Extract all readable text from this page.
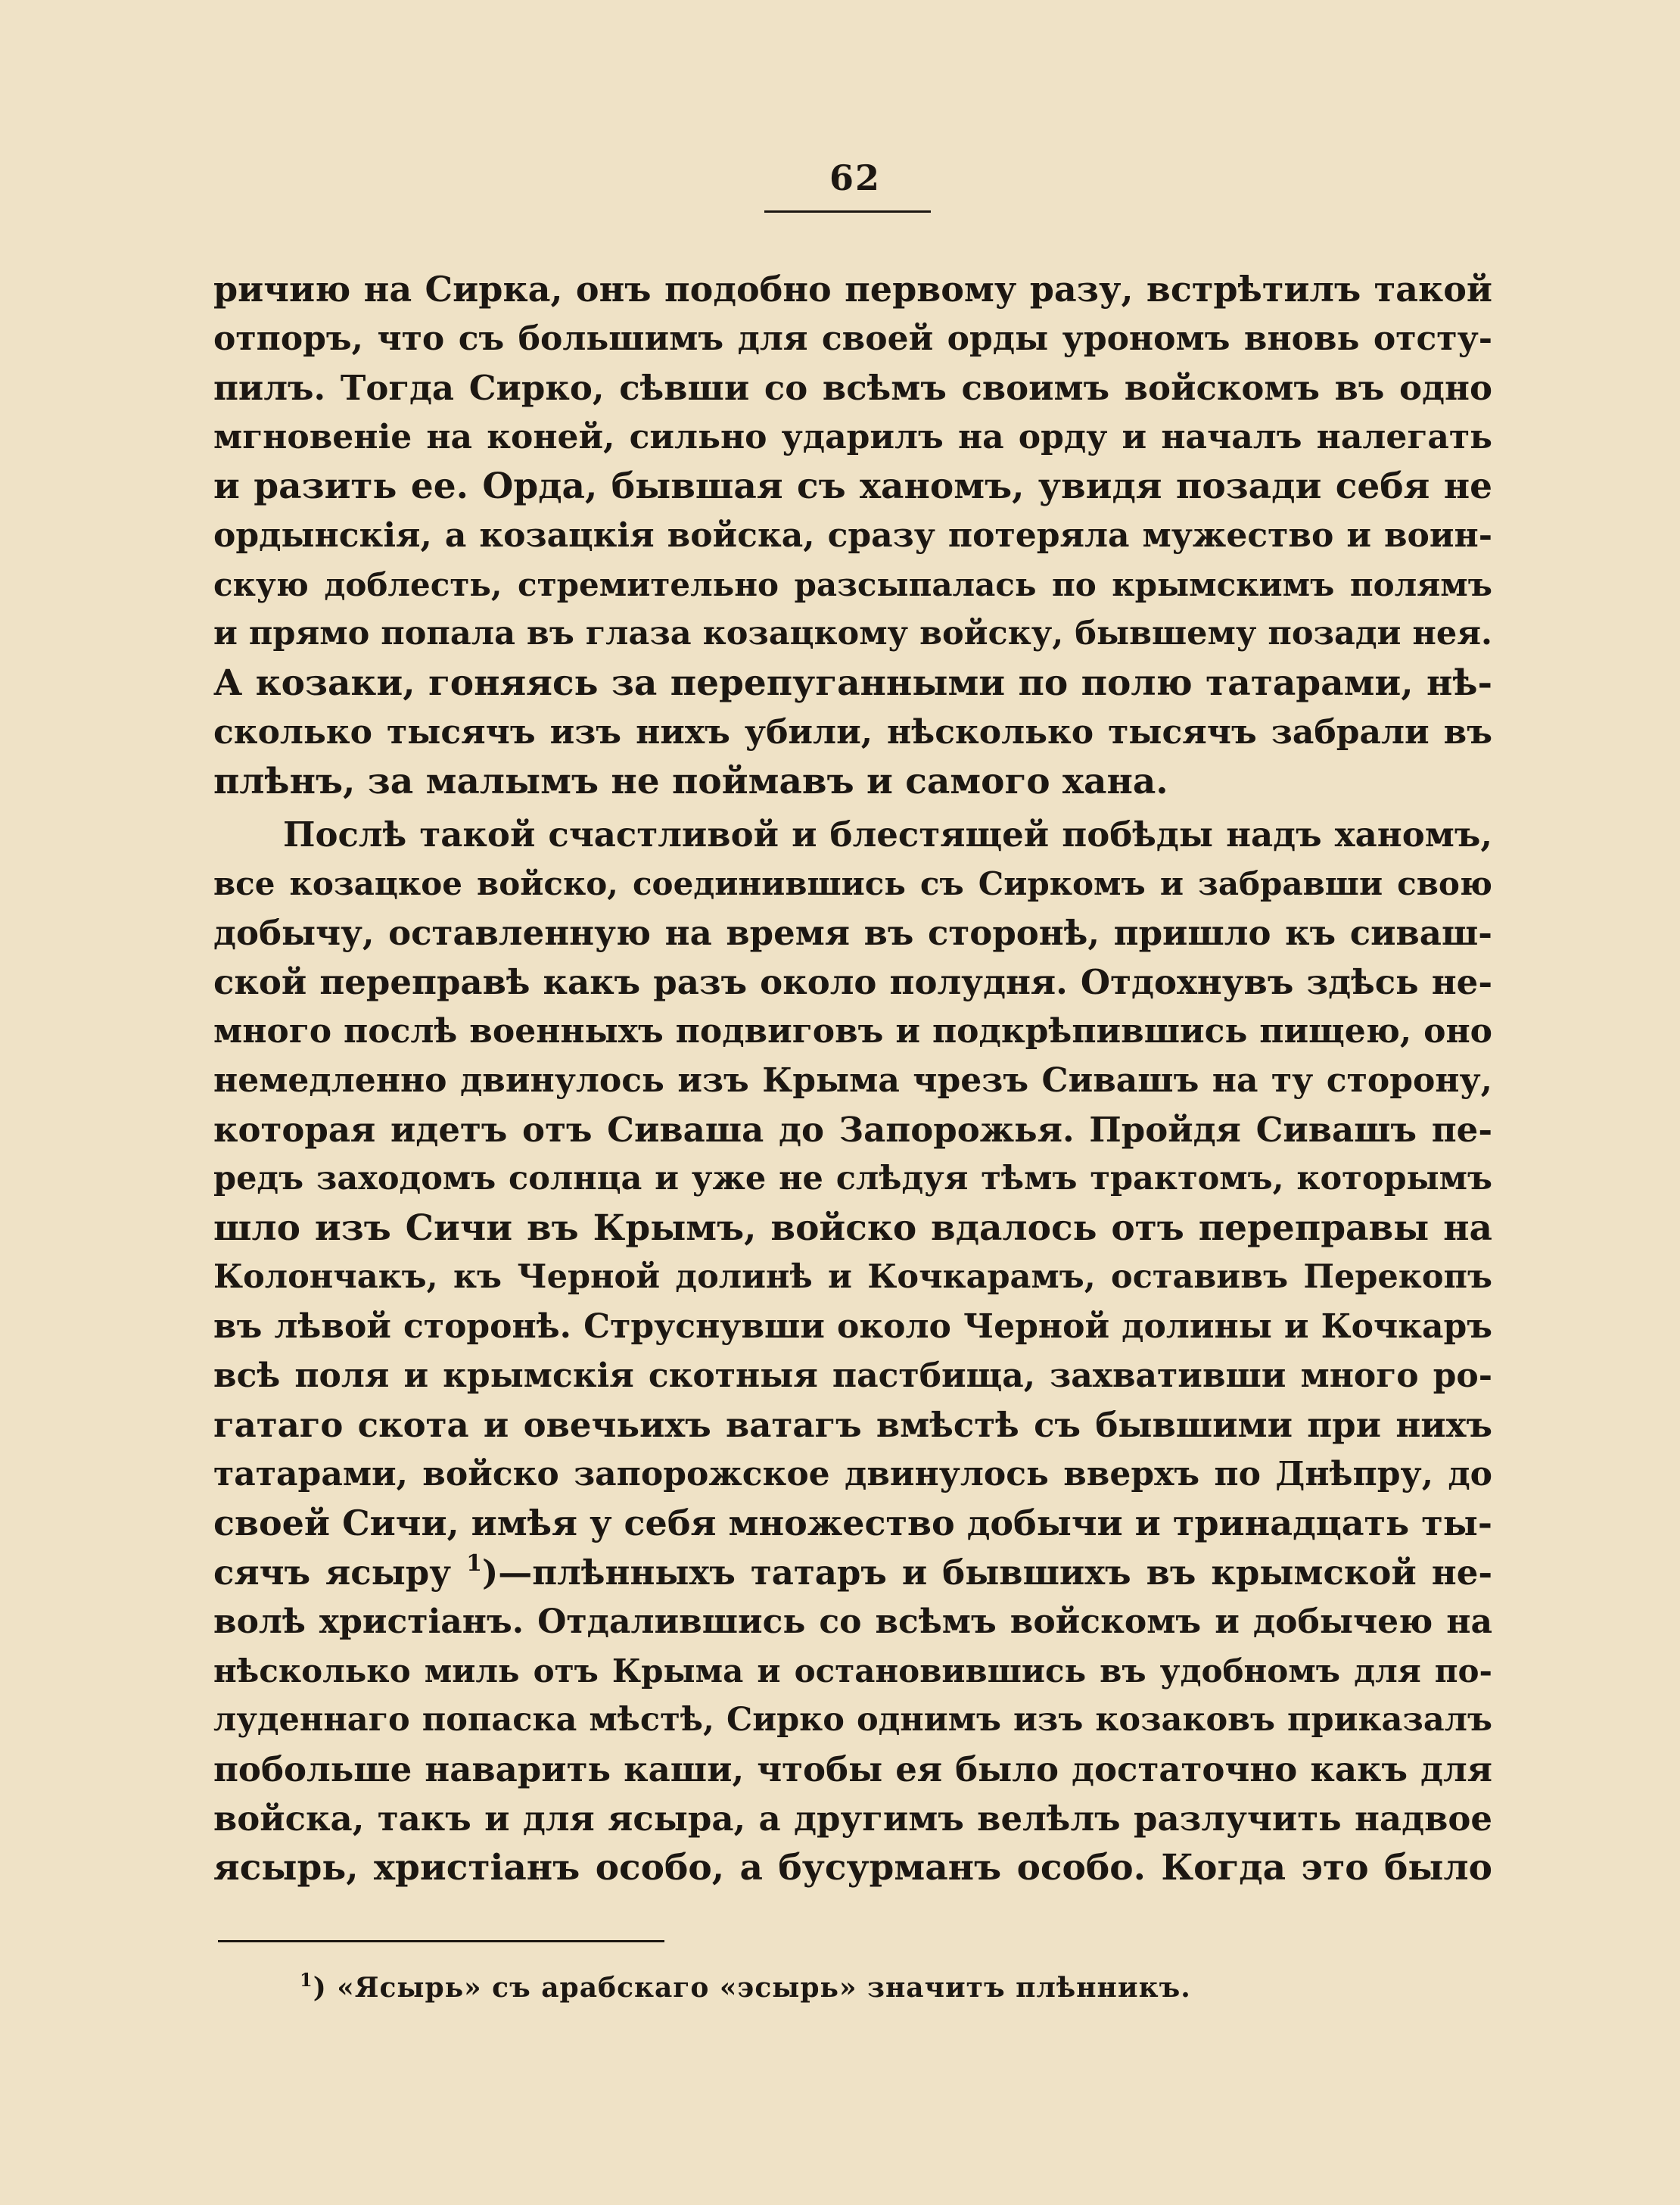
62
ричию на Сирка, онъ подобно первому разу, встрѣтилъ такой
отпоръ, что съ большимъ для своей орды урономъ вновь отсту-
пилъ. Тогда Сирко, сѣвши со всѣмъ своимъ войскомъ въ одно
мгновеніе на коней, сильно ударилъ на орду и началъ налегать
и разить ее. Орда, бывшая съ ханомъ, увидя позади себя не
ордынскія, а козацкія войска, сразу потеряла мужество и воин-
скую доблесть, стремительно разсыпалась по крымскимъ полямъ
и прямо попала въ глаза козацкому войску, бывшему позади нея.
А козаки, гоняясь за перепуганными по полю татарами, нѣ-
сколько тысячъ изъ нихъ убили, нѣсколько тысячъ забрали въ
плѣнъ, за малымъ не поймавъ и самого хана.
Послѣ такой счастливой и блестящей побѣды надъ ханомъ,
все козацкое войско, соединившись съ Сиркомъ и забравши свою
добычу, оставленную на время въ сторонѣ, пришло къ сиваш-
ской переправѣ какъ разъ около полудня. Отдохнувъ здѣсь не-
много послѣ военныхъ подвиговъ и подкрѣпившись пищею, оно
немедленно двинулось изъ Крыма чрезъ Сивашъ на ту сторону,
которая идетъ отъ Сиваша до Запорожья. Пройдя Сивашъ пе-
редъ заходомъ солнца и уже не слѣдуя тѣмъ трактомъ, которымъ
шло изъ Сичи въ Крымъ, войско вдалось отъ переправы на
Колончакъ, къ Черной долинѣ и Кочкарамъ, оставивъ Перекопъ
въ лѣвой сторонѣ. Струснувши около Черной долины и Кочкаръ
всѣ поля и крымскія скотныя пастбища, захвативши много ро-
гатаго скота и овечьихъ ватагъ вмѣстѣ съ бывшими при нихъ
татарами, войско запорожское двинулось вверхъ по Днѣпру, до
своей Сичи, имѣя у себя множество добычи и тринадцать ты-
сячъ ясыру $^1$)—плѣнныхъ татаръ и бывшихъ въ крымской не-
волѣ христіанъ. Отдалившись со всѣмъ войскомъ и добычею на
нѣсколько миль отъ Крыма и остановившись въ удобномъ для по-
луденнаго попаска мѣстѣ, Сирко однимъ изъ козаковъ приказалъ
побольше наварить каши, чтобы ея было достаточно какъ для
войска, такъ и для ясыра, а другимъ велѣлъ разлучить надвое
ясырь, христіанъ особо, а бусурманъ особо. Когда это было
$^1$) «Ясырь» съ арабскаго «эсырь» значитъ плѣнникъ.
